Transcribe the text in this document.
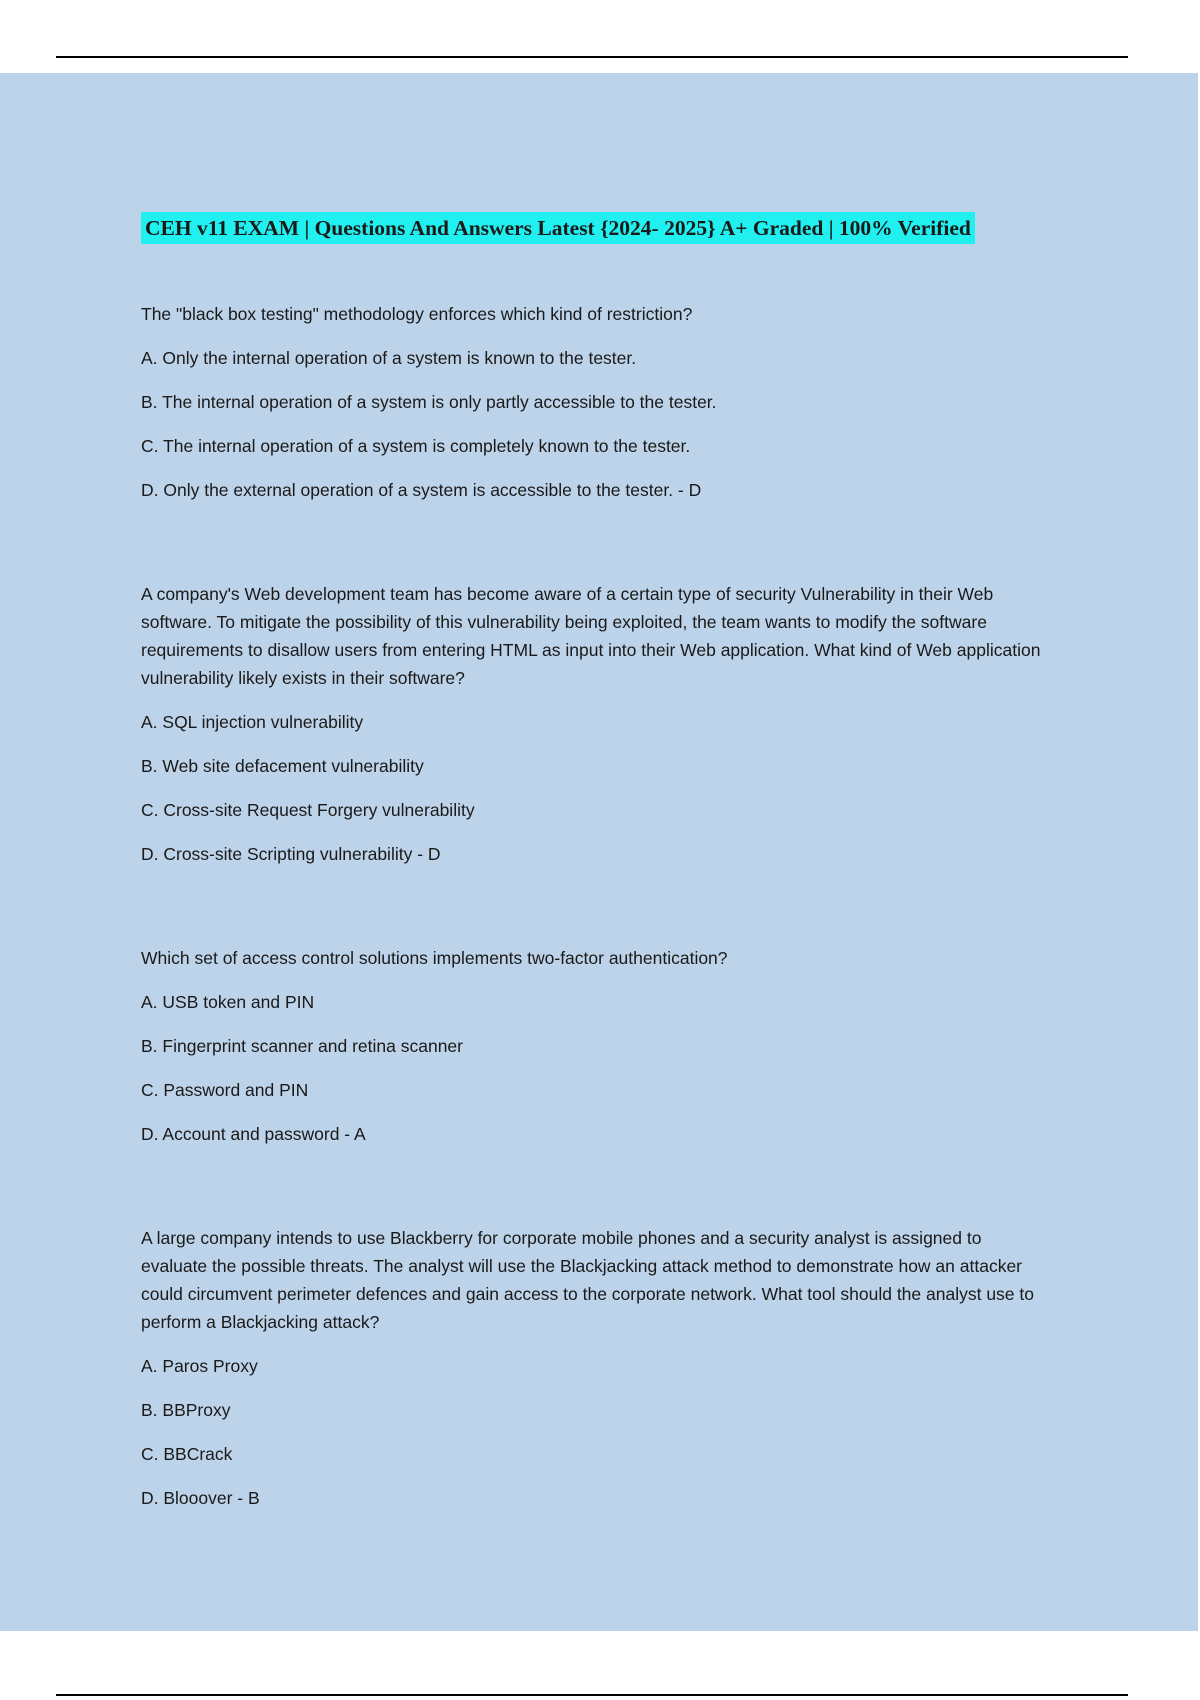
CEH v11 EXAM | Questions And Answers Latest {2024- 2025} A+ Graded | 100% Verified
The "black box testing" methodology enforces which kind of restriction?
A. Only the internal operation of a system is known to the tester.
B. The internal operation of a system is only partly accessible to the tester.
C. The internal operation of a system is completely known to the tester.
D. Only the external operation of a system is accessible to the tester. - D
A company's Web development team has become aware of a certain type of security Vulnerability in their Web software. To mitigate the possibility of this vulnerability being exploited, the team wants to modify the software requirements to disallow users from entering HTML as input into their Web application. What kind of Web application vulnerability likely exists in their software?
A. SQL injection vulnerability
B. Web site defacement vulnerability
C. Cross-site Request Forgery vulnerability
D. Cross-site Scripting vulnerability - D
Which set of access control solutions implements two-factor authentication?
A. USB token and PIN
B. Fingerprint scanner and retina scanner
C. Password and PIN
D. Account and password - A
A large company intends to use Blackberry for corporate mobile phones and a security analyst is assigned to evaluate the possible threats. The analyst will use the Blackjacking attack method to demonstrate how an attacker could circumvent perimeter defences and gain access to the corporate network. What tool should the analyst use to perform a Blackjacking attack?
A. Paros Proxy
B. BBProxy
C. BBCrack
D. Blooover - B
